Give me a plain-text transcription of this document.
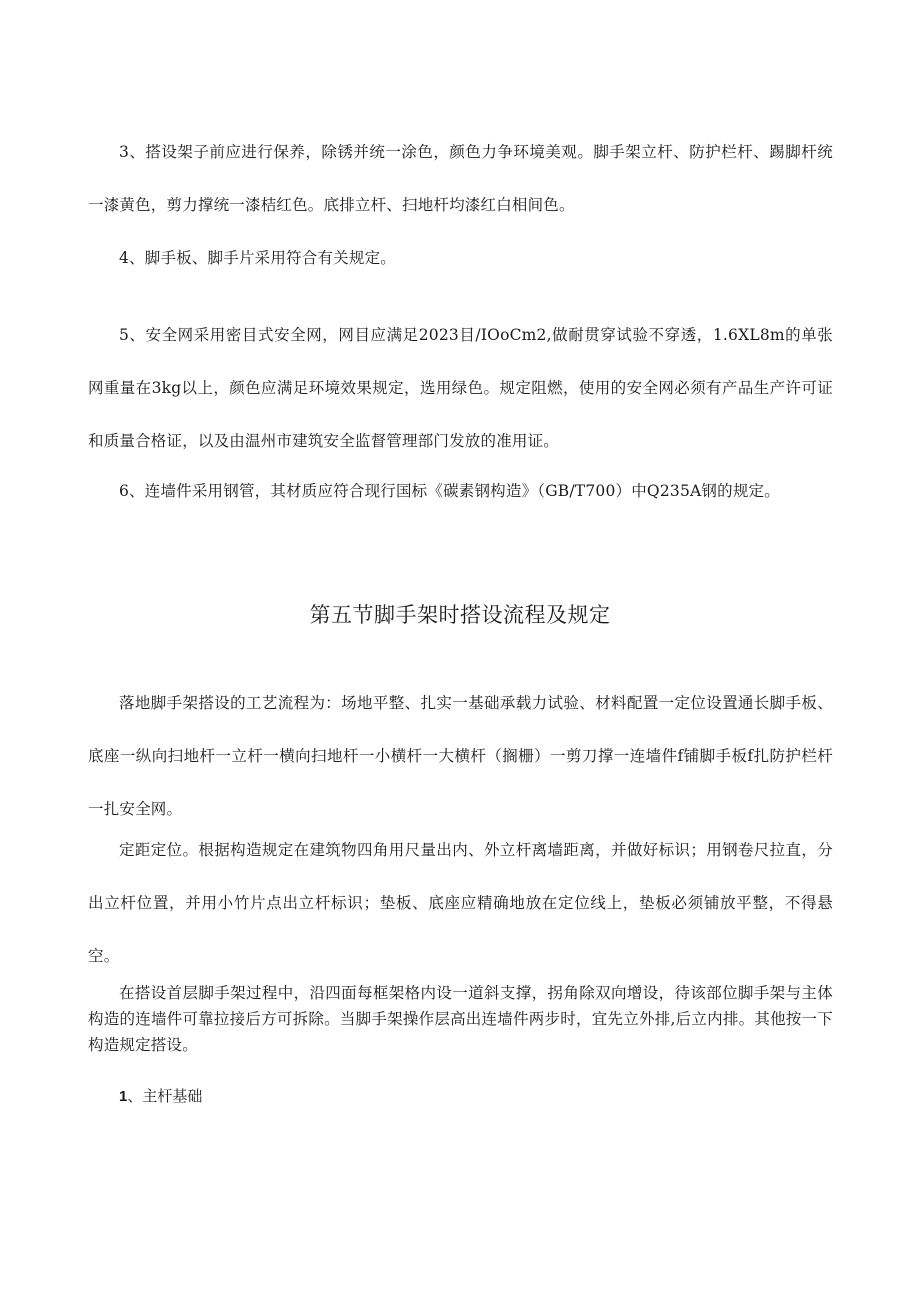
3、搭设架子前应进行保养，除锈并统一涂色，颜色力争环境美观。脚手架立杆、防护栏杆、踢脚杆统一漆黄色，剪力撑统一漆桔红色。底排立杆、扫地杆均漆红白相间色。

4、脚手板、脚手片采用符合有关规定。

5、安全网采用密目式安全网，网目应满足2023目/IOoCm2,做耐贯穿试验不穿透，1.6XL8m的单张网重量在3kg以上，颜色应满足环境效果规定，选用绿色。规定阻燃，使用的安全网必须有产品生产许可证和质量合格证，以及由温州市建筑安全监督管理部门发放的准用证。

6、连墙件采用钢管，其材质应符合现行国标《碳素钢构造》（GB/T700）中Q235A钢的规定。

第五节脚手架时搭设流程及规定

落地脚手架搭设的工艺流程为：场地平整、扎实一基础承载力试验、材料配置一定位设置通长脚手板、底座一纵向扫地杆一立杆一横向扫地杆一小横杆一大横杆（搁栅）一剪刀撑一连墙件f铺脚手板f扎防护栏杆一扎安全网。

定距定位。根据构造规定在建筑物四角用尺量出内、外立杆离墙距离，并做好标识；用钢卷尺拉直，分出立杆位置，并用小竹片点出立杆标识；垫板、底座应精确地放在定位线上，垫板必须铺放平整，不得悬空。

在搭设首层脚手架过程中，沿四面每框架格内设一道斜支撑，拐角除双向增设，待该部位脚手架与主体构造的连墙件可靠拉接后方可拆除。当脚手架操作层高出连墙件两步时，宜先立外排,后立内排。其他按一下构造规定搭设。

1、主杆基础
